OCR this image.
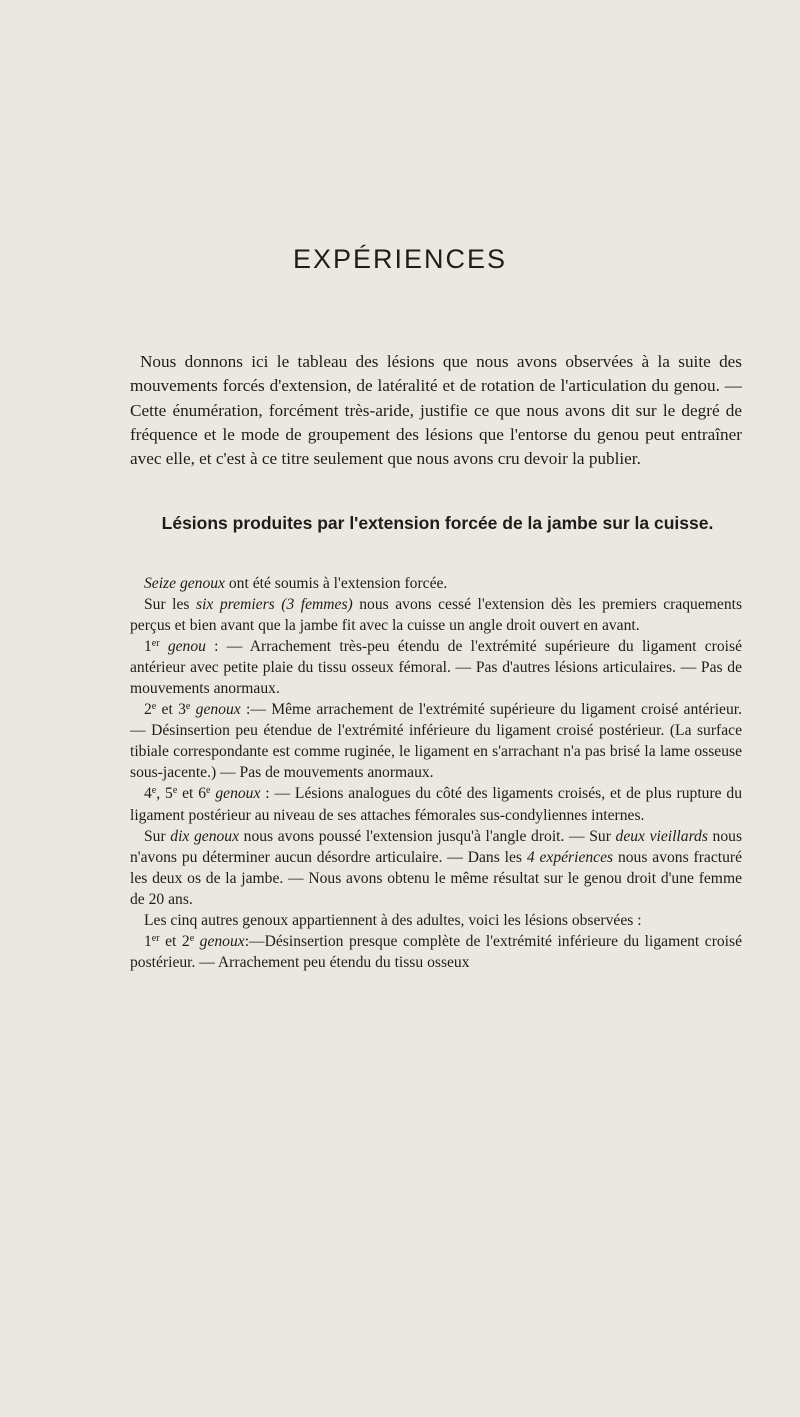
EXPÉRIENCES

Nous donnons ici le tableau des lésions que nous avons observées à la suite des mouvements forcés d'extension, de latéralité et de rotation de l'articulation du genou. — Cette énumération, forcément très-aride, justifie ce que nous avons dit sur le degré de fréquence et le mode de groupement des lésions que l'entorse du genou peut entraîner avec elle, et c'est à ce titre seulement que nous avons cru devoir la publier.

Lésions produites par l'extension forcée de la jambe sur la cuisse.

Seize genoux ont été soumis à l'extension forcée.

Sur les six premiers (3 femmes) nous avons cessé l'extension dès les premiers craquements perçus et bien avant que la jambe fit avec la cuisse un angle droit ouvert en avant.

1er genou : — Arrachement très-peu étendu de l'extrémité supérieure du ligament croisé antérieur avec petite plaie du tissu osseux fémoral. — Pas d'autres lésions articulaires. — Pas de mouvements anormaux.

2e et 3e genoux :— Même arrachement de l'extrémité supérieure du ligament croisé antérieur. — Désinsertion peu étendue de l'extrémité inférieure du ligament croisé postérieur. (La surface tibiale correspondante est comme ruginée, le ligament en s'arrachant n'a pas brisé la lame osseuse sous-jacente.) — Pas de mouvements anormaux.

4e, 5e et 6e genoux : — Lésions analogues du côté des ligaments croisés, et de plus rupture du ligament postérieur au niveau de ses attaches fémorales sus-condyliennes internes.

Sur dix genoux nous avons poussé l'extension jusqu'à l'angle droit. — Sur deux vieillards nous n'avons pu déterminer aucun désordre articulaire. — Dans les 4 expériences nous avons fracturé les deux os de la jambe. — Nous avons obtenu le même résultat sur le genou droit d'une femme de 20 ans.

Les cinq autres genoux appartiennent à des adultes, voici les lésions observées :

1er et 2e genoux:—Désinsertion presque complète de l'extrémité inférieure du ligament croisé postérieur. — Arrachement peu étendu du tissu osseux
